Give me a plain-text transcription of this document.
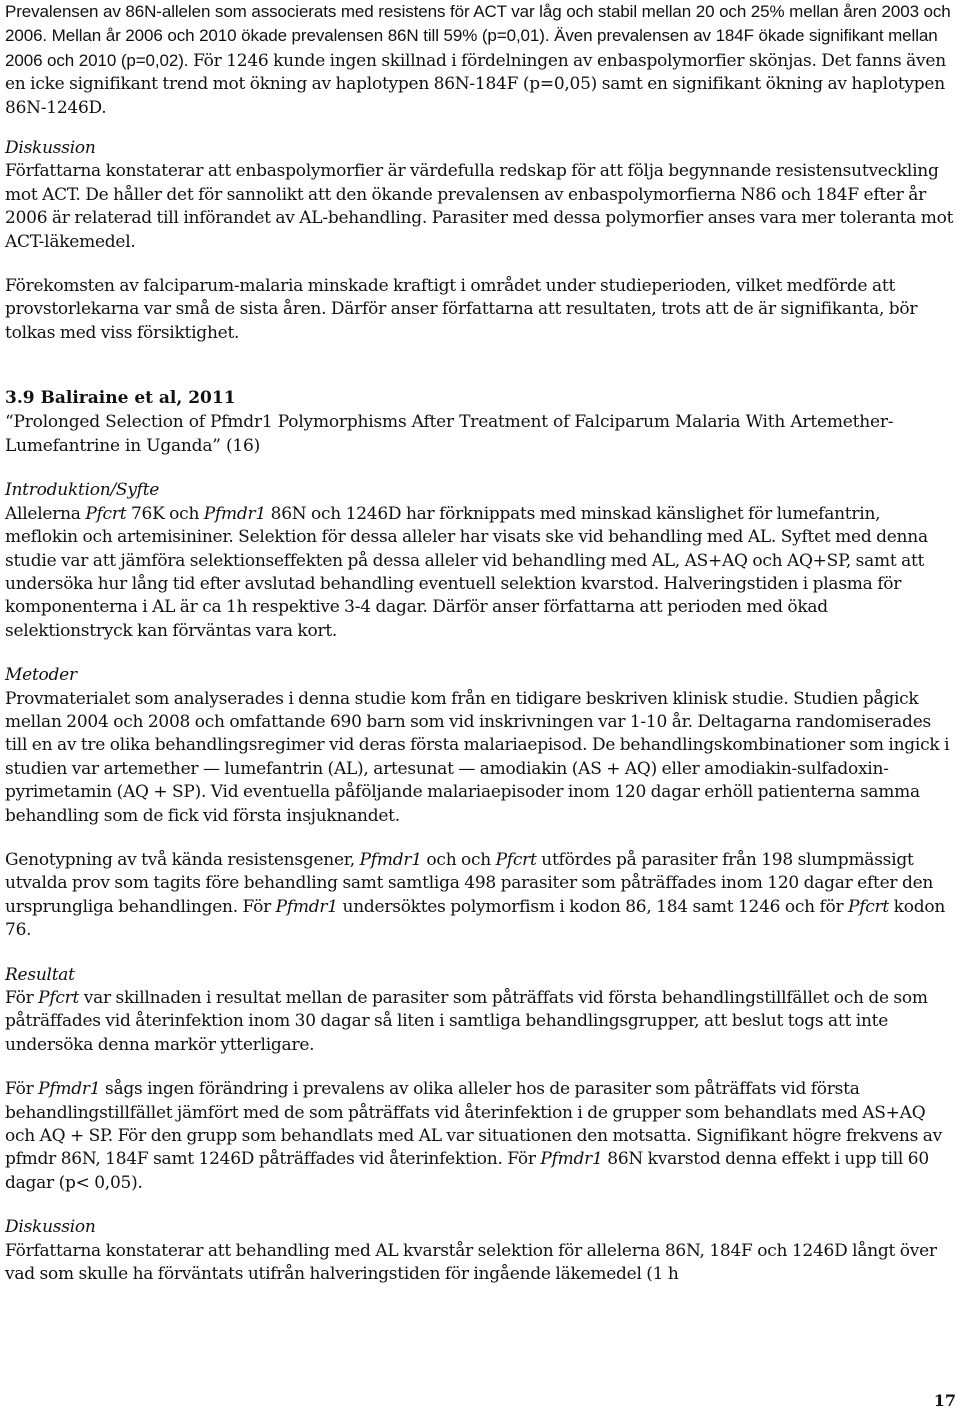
Prevalensen av 86N-allelen som associerats med resistens för ACT var låg och stabil mellan 20 och 25% mellan åren 2003 och 2006. Mellan år 2006 och 2010 ökade prevalensen 86N till 59% (p=0,01). Även prevalensen av 184F ökade signifikant mellan 2006 och 2010 (p=0,02). För 1246 kunde ingen skillnad i fördelningen av enbaspolymorfier skönjas. Det fanns även en icke signifikant trend mot ökning av haplotypen 86N-184F (p=0,05) samt en signifikant ökning av haplotypen 86N-1246D.

Diskussion

Författarna konstaterar att enbaspolymorfier är värdefulla redskap för att följa begynnande resistensutveckling mot ACT. De håller det för sannolikt att den ökande prevalensen av enbaspolymorfierna N86 och 184F efter år 2006 är relaterad till införandet av AL-behandling. Parasiter med dessa polymorfier anses vara mer toleranta mot ACT-läkemedel.

Förekomsten av falciparum-malaria minskade kraftigt i området under studieperioden, vilket medförde att provstorlekarna var små de sista åren. Därför anser författarna att resultaten, trots att de är signifikanta, bör tolkas med viss försiktighet.

3.9 Baliraine et al, 2011

“Prolonged Selection of Pfmdr1 Polymorphisms After Treatment of Falciparum Malaria With Artemether-Lumefantrine in Uganda” (16)

Introduktion/Syfte

Allelerna Pfcrt 76K och Pfmdr1 86N och 1246D har förknippats med minskad känslighet för lumefantrin, meflokin och artemisininer. Selektion för dessa alleler har visats ske vid behandling med AL. Syftet med denna studie var att jämföra selektionseffekten på dessa alleler vid behandling med AL, AS+AQ och AQ+SP, samt att undersöka hur lång tid efter avslutad behandling eventuell selektion kvarstod. Halveringstiden i plasma för komponenterna i AL är ca 1h respektive 3-4 dagar. Därför anser författarna att perioden med ökad selektionstryck kan förväntas vara kort.

Metoder

Provmaterialet som analyserades i denna studie kom från en tidigare beskriven klinisk studie. Studien pågick mellan 2004 och 2008 och omfattande 690 barn som vid inskrivningen var 1-10 år. Deltagarna randomiserades till en av tre olika behandlingsregimer vid deras första malariaepisod. De behandlingskombinationer som ingick i studien var artemether — lumefantrin (AL), artesunat — amodiakin (AS + AQ) eller amodiakin-sulfadoxin-pyrimetamin (AQ + SP). Vid eventuella påföljande malariaepisoder inom 120 dagar erhöll patienterna samma behandling som de fick vid första insjuknandet.

Genotypning av två kända resistensgener, Pfmdr1 och och Pfcrt utfördes på parasiter från 198 slumpmässigt utvalda prov som tagits före behandling samt samtliga 498 parasiter som påträffades inom 120 dagar efter den ursprungliga behandlingen. För Pfmdr1 undersöktes polymorfism i kodon 86, 184 samt 1246 och för Pfcrt kodon 76.

Resultat

För Pfcrt var skillnaden i resultat mellan de parasiter som påträffats vid första behandlingstillfället och de som påträffades vid återinfektion inom 30 dagar så liten i samtliga behandlingsgrupper, att beslut togs att inte undersöka denna markör ytterligare.

För Pfmdr1 sågs ingen förändring i prevalens av olika alleler hos de parasiter som påträffats vid första behandlingstillfället jämfört med de som påträffats vid återinfektion i de grupper som behandlats med AS+AQ och AQ + SP. För den grupp som behandlats med AL var situationen den motsatta. Signifikant högre frekvens av pfmdr 86N, 184F samt 1246D påträffades vid återinfektion. För Pfmdr1 86N kvarstod denna effekt i upp till 60 dagar (p< 0,05).

Diskussion

Författarna konstaterar att behandling med AL kvarstår selektion för allelerna 86N, 184F och 1246D långt över vad som skulle ha förväntats utifrån halveringstiden för ingående läkemedel (1 h

17
